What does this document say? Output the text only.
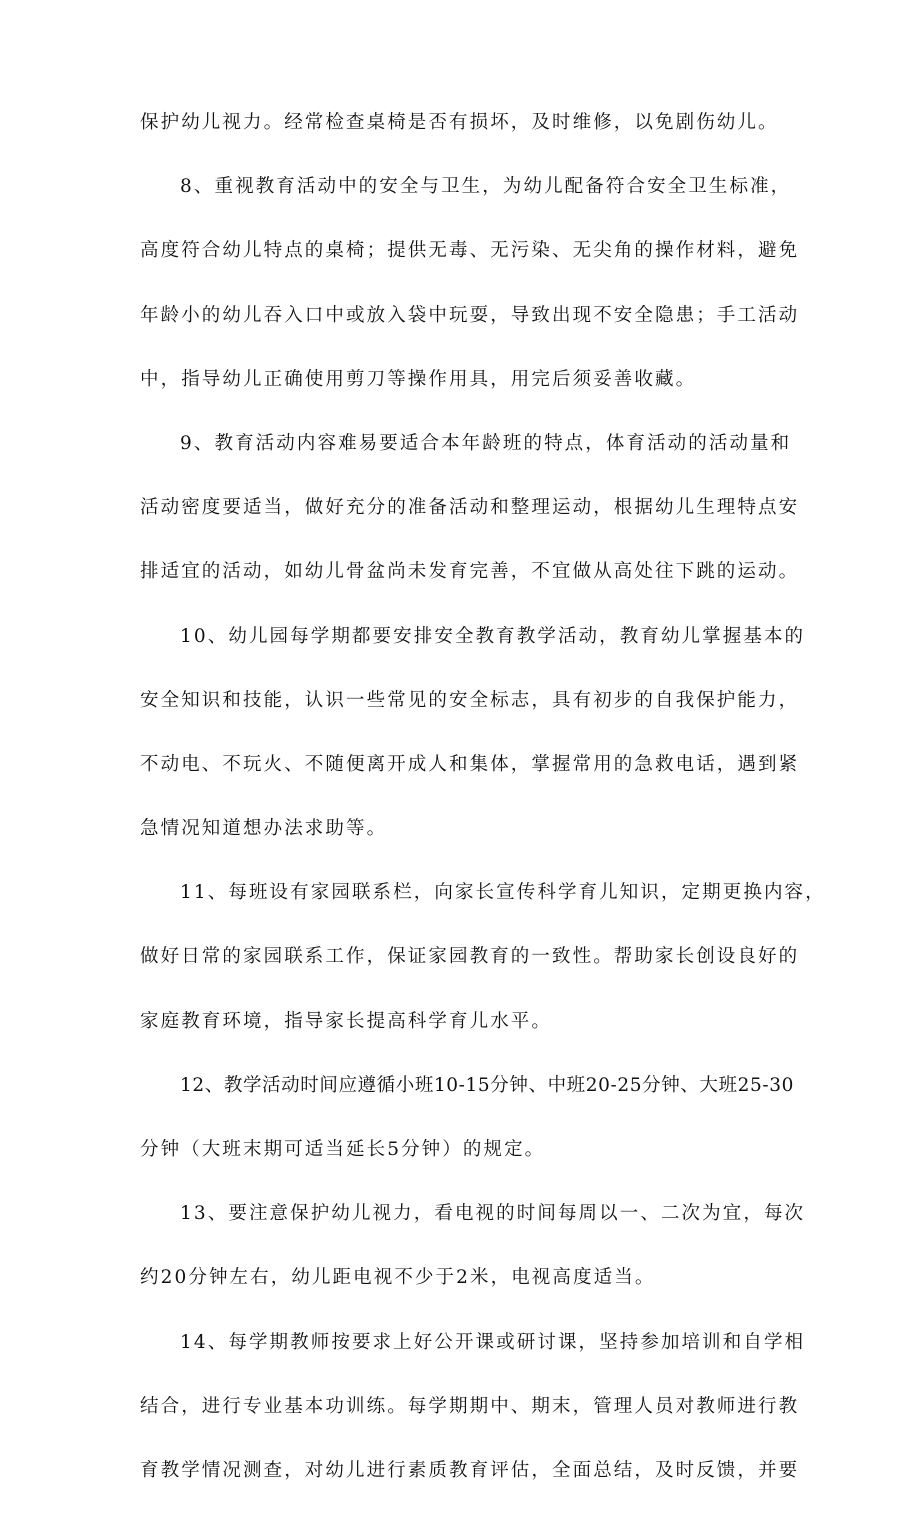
保护幼儿视力。经常检查桌椅是否有损坏，及时维修，以免剧伤幼儿。
8、重视教育活动中的安全与卫生，为幼儿配备符合安全卫生标准，
高度符合幼儿特点的桌椅；提供无毒、无污染、无尖角的操作材料，避免
年龄小的幼儿吞入口中或放入袋中玩耍，导致出现不安全隐患；手工活动
中，指导幼儿正确使用剪刀等操作用具，用完后须妥善收藏。
9、教育活动内容难易要适合本年龄班的特点，体育活动的活动量和
活动密度要适当，做好充分的准备活动和整理运动，根据幼儿生理特点安
排适宜的活动，如幼儿骨盆尚未发育完善，不宜做从高处往下跳的运动。
10、幼儿园每学期都要安排安全教育教学活动，教育幼儿掌握基本的
安全知识和技能，认识一些常见的安全标志，具有初步的自我保护能力，
不动电、不玩火、不随便离开成人和集体，掌握常用的急救电话，遇到紧
急情况知道想办法求助等。
11、每班设有家园联系栏，向家长宣传科学育儿知识，定期更换内容，
做好日常的家园联系工作，保证家园教育的一致性。帮助家长创设良好的
家庭教育环境，指导家长提高科学育儿水平。
12、教学活动时间应遵循小班10-15分钟、中班20-25分钟、大班25-30
分钟（大班末期可适当延长5分钟）的规定。
13、要注意保护幼儿视力，看电视的时间每周以一、二次为宜，每次
约20分钟左右，幼儿距电视不少于2米，电视高度适当。
14、每学期教师按要求上好公开课或研讨课，坚持参加培训和自学相
结合，进行专业基本功训练。每学期期中、期末，管理人员对教师进行教
育教学情况测查，对幼儿进行素质教育评估，全面总结，及时反馈，并要
